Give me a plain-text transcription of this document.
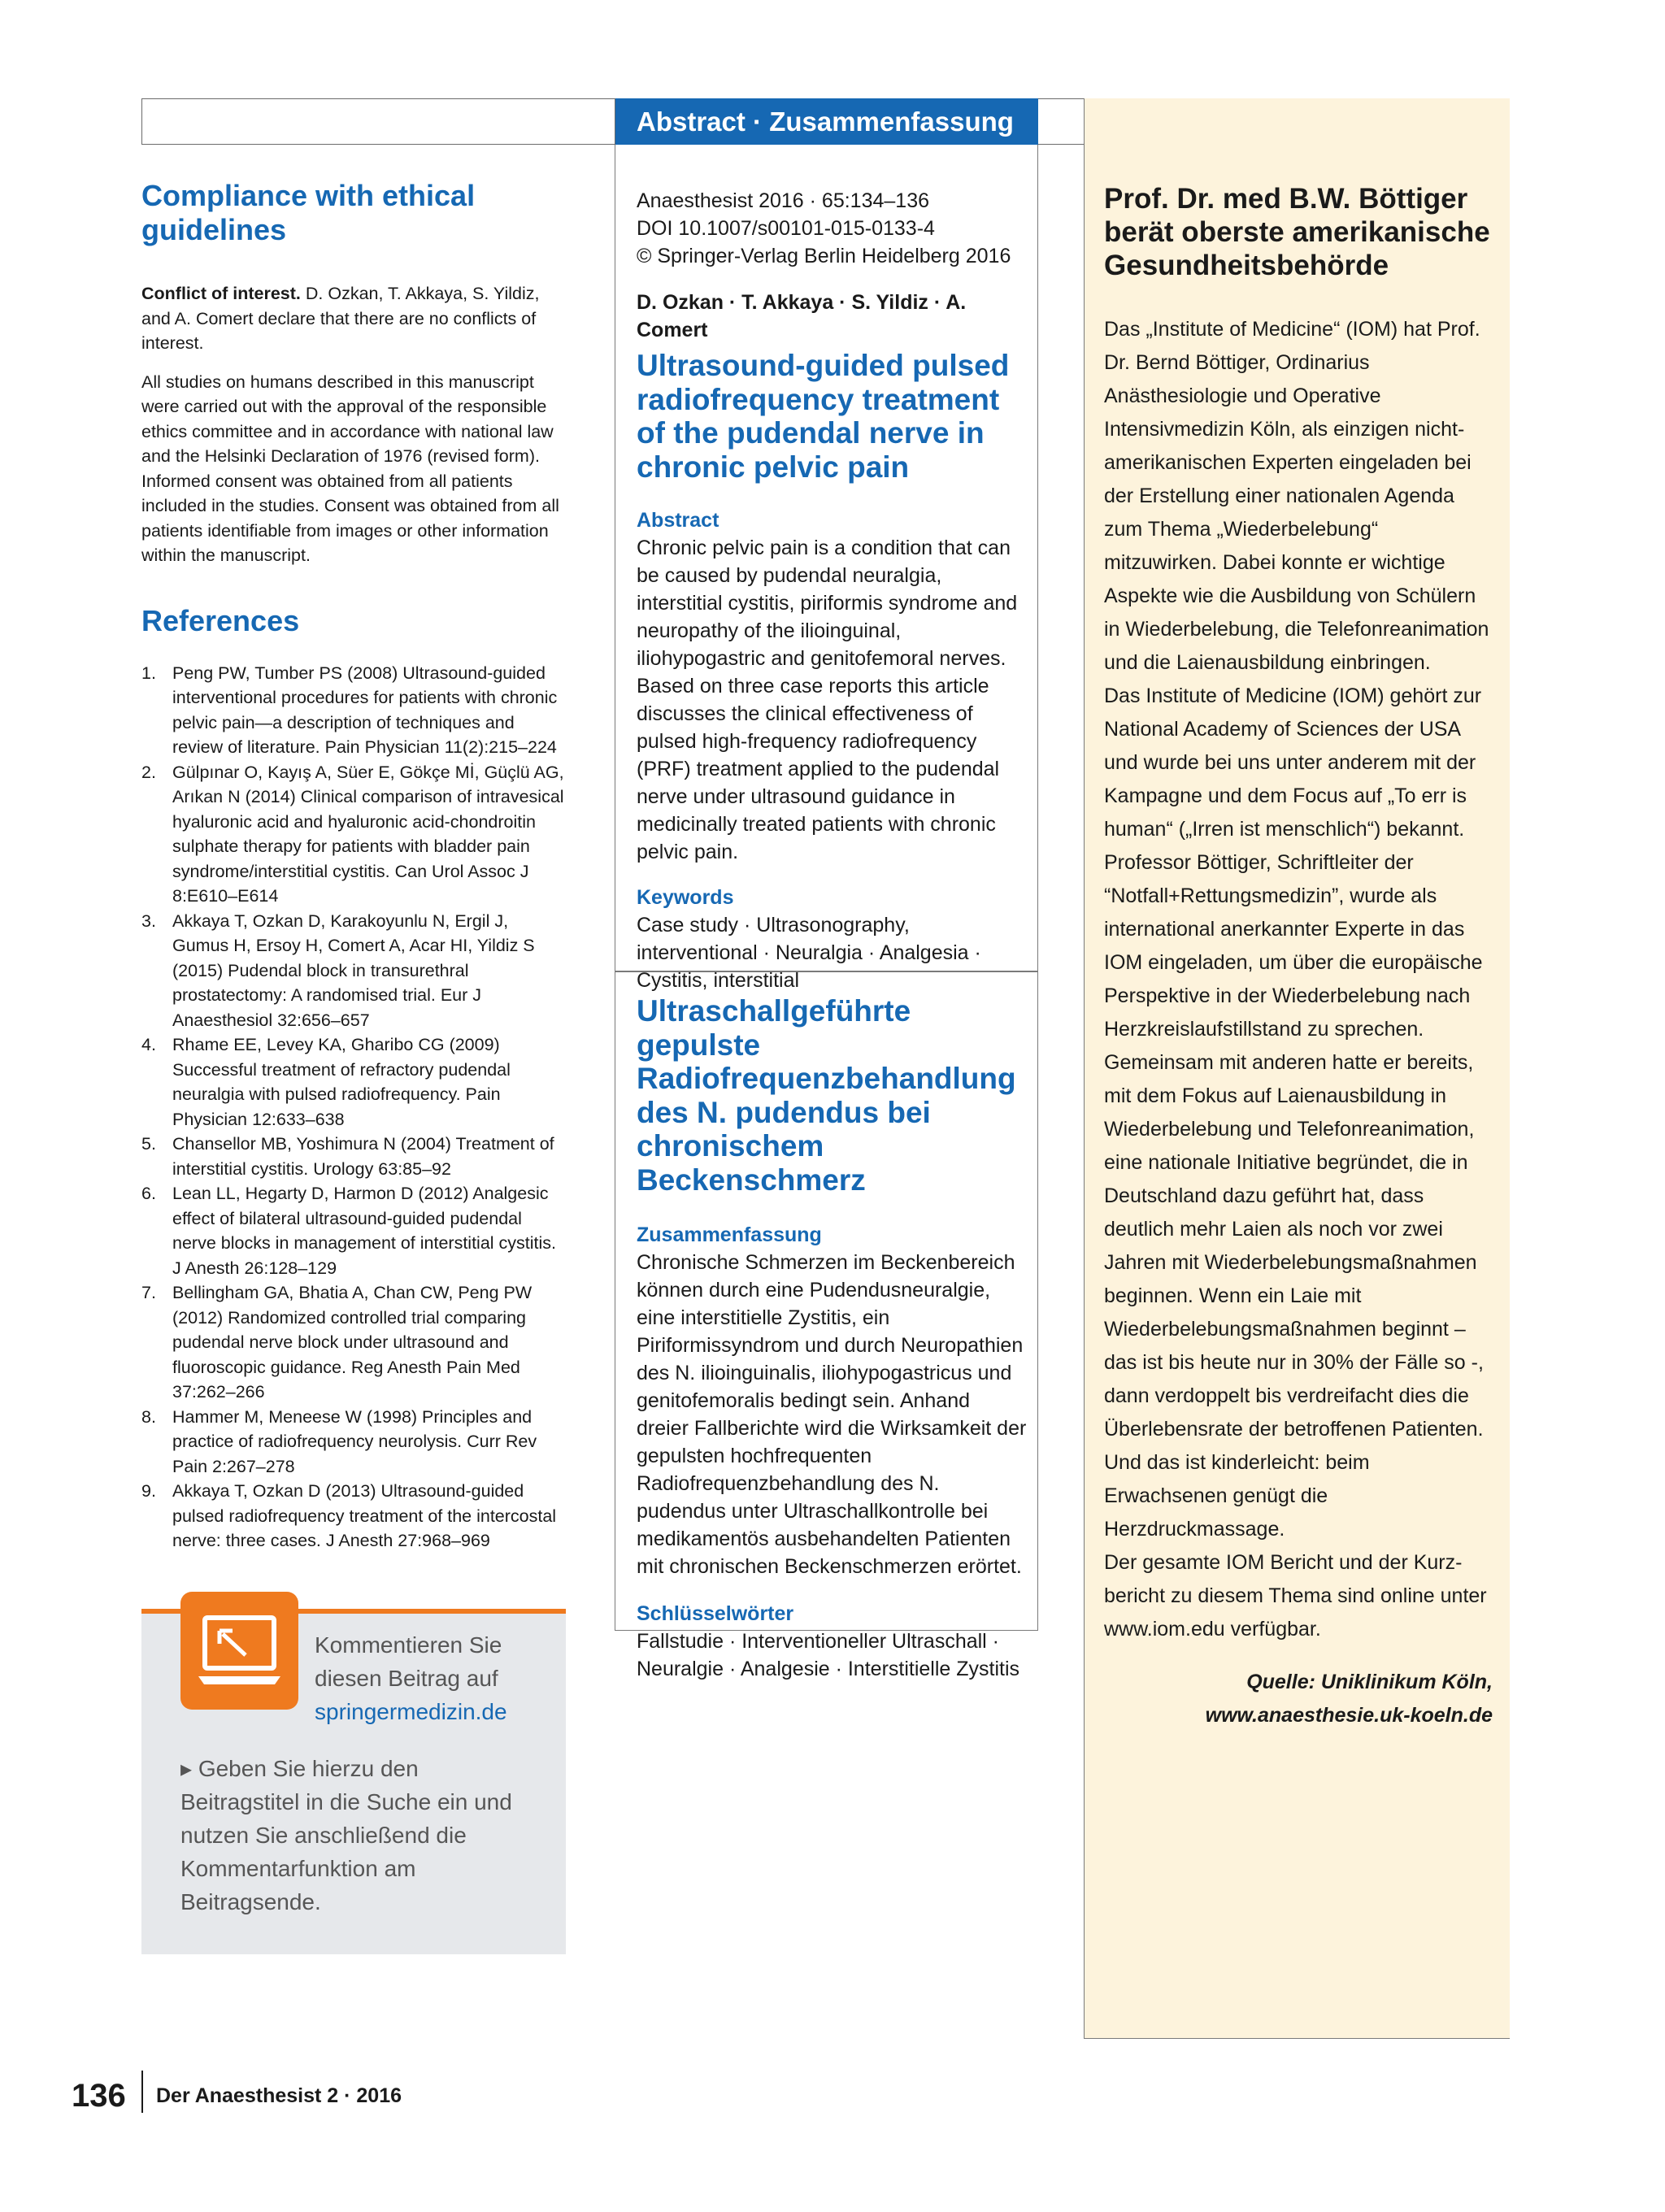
Abstract · Zusammenfassung
Compliance with ethical guidelines
Conflict of interest. D. Ozkan, T. Akkaya, S. Yildiz, and A. Comert declare that there are no conflicts of interest.
All studies on humans described in this manuscript were carried out with the approval of the responsible ethics committee and in accordance with national law and the Helsinki Declaration of 1976 (revised form). Informed consent was obtained from all patients included in the studies. Consent was obtained from all patients identifiable from images or other information within the manuscript.
References
1. Peng PW, Tumber PS (2008) Ultrasound-guided interventional procedures for patients with chronic pelvic pain—a description of techniques and review of literature. Pain Physician 11(2):215–224
2. Gülpınar O, Kayış A, Süer E, Gökçe Mİ, Güçlü AG, Arıkan N (2014) Clinical comparison of intravesical hyaluronic acid and hyaluronic acid-chondroitin sulphate therapy for patients with bladder pain syndrome/interstitial cystitis. Can Urol Assoc J 8:E610–E614
3. Akkaya T, Ozkan D, Karakoyunlu N, Ergil J, Gumus H, Ersoy H, Comert A, Acar HI, Yildiz S (2015) Pudendal block in transurethral prostatectomy: A randomised trial. Eur J Anaesthesiol 32:656–657
4. Rhame EE, Levey KA, Gharibo CG (2009) Successful treatment of refractory pudendal neuralgia with pulsed radiofrequency. Pain Physician 12:633–638
5. Chansellor MB, Yoshimura N (2004) Treatment of interstitial cystitis. Urology 63:85–92
6. Lean LL, Hegarty D, Harmon D (2012) Analgesic effect of bilateral ultrasound-guided pudendal nerve blocks in management of interstitial cystitis. J Anesth 26:128–129
7. Bellingham GA, Bhatia A, Chan CW, Peng PW (2012) Randomized controlled trial comparing pudendal nerve block under ultrasound and fluoroscopic guidance. Reg Anesth Pain Med 37:262–266
8. Hammer M, Meneese W (1998) Principles and practice of radiofrequency neurolysis. Curr Rev Pain 2:267–278
9. Akkaya T, Ozkan D (2013) Ultrasound-guided pulsed radiofrequency treatment of the intercostal nerve: three cases. J Anesth 27:968–969
Kommentieren Sie
diesen Beitrag auf
springermedizin.de
▸ Geben Sie hierzu den Beitragstitel in die Suche ein und nutzen Sie anschließend die Kommentarfunktion am Beitragsende.
Anaesthesist 2016 · 65:134–136
DOI 10.1007/s00101-015-0133-4
© Springer-Verlag Berlin Heidelberg 2016
D. Ozkan · T. Akkaya · S. Yildiz · A. Comert
Ultrasound-guided pulsed radiofrequency treatment of the pudendal nerve in chronic pelvic pain
Abstract
Chronic pelvic pain is a condition that can be caused by pudendal neuralgia, interstitial cystitis, piriformis syndrome and neuropathy of the ilioinguinal, iliohypogastric and genitofemoral nerves. Based on three case reports this article discusses the clinical effectiveness of pulsed high-frequency radiofrequency (PRF) treatment applied to the pudendal nerve under ultrasound guidance in medicinally treated patients with chronic pelvic pain.
Keywords
Case study · Ultrasonography, interventional · Neuralgia · Analgesia · Cystitis, interstitial
Ultraschallgeführte gepulste Radiofrequenzbehandlung des N. pudendus bei chronischem Beckenschmerz
Zusammenfassung
Chronische Schmerzen im Beckenbereich können durch eine Pudendusneuralgie, eine interstitielle Zystitis, ein Piriformissyndrom und durch Neuropathien des N. ilioinguinalis, iliohypogastricus und genitofemoralis bedingt sein. Anhand dreier Fallberichte wird die Wirksamkeit der gepulsten hochfrequenten Radiofrequenzbehandlung des N. pudendus unter Ultraschallkontrolle bei medikamentös ausbehandelten Patienten mit chronischen Beckenschmerzen erörtet.
Schlüsselwörter
Fallstudie · Interventioneller Ultraschall · Neuralgie · Analgesie · Interstitielle Zystitis
Prof. Dr. med B.W. Böttiger berät oberste amerikanische Gesundheitsbehörde
Das „Institute of Medicine“ (IOM) hat Prof. Dr. Bernd Böttiger, Ordinarius Anästhesiologie und Operative Intensivmedizin Köln, als einzigen nicht-amerikanischen Experten eingeladen bei der Erstellung einer nationalen Agenda zum Thema „Wiederbelebung“ mitzuwirken. Dabei konnte er wichtige Aspekte wie die Ausbildung von Schülern in Wiederbelebung, die Telefonreanimation und die Laienausbildung einbringen.
Das Institute of Medicine (IOM) gehört zur National Academy of Sciences der USA und wurde bei uns unter anderem mit der Kampagne und dem Focus auf „To err is human“ („Irren ist menschlich“) bekannt.
Professor Böttiger, Schriftleiter der “Notfall+Rettungsmedizin”, wurde als international anerkannter Experte in das IOM eingeladen, um über die europäische Perspektive in der Wiederbelebung nach Herzkreislaufstillstand zu sprechen.
Gemeinsam mit anderen hatte er bereits, mit dem Fokus auf Laienausbildung in Wiederbelebung und Telefonreanimation, eine nationale Initiative begründet, die in Deutschland dazu geführt hat, dass deutlich mehr Laien als noch vor zwei Jahren mit Wiederbelebungsmaßnahmen beginnen. Wenn ein Laie mit Wiederbelebungsmaßnahmen beginnt – das ist bis heute nur in 30% der Fälle so -, dann verdoppelt bis verdreifacht dies die Überlebensrate der betroffenen Patienten. Und das ist kinderleicht: beim Erwachsenen genügt die Herzdruckmassage.
Der gesamte IOM Bericht und der Kurz-bericht zu diesem Thema sind online unter www.iom.edu verfügbar.
Quelle: Uniklinikum Köln,
www.anaesthesie.uk-koeln.de
136 Der Anaesthesist 2 · 2016
